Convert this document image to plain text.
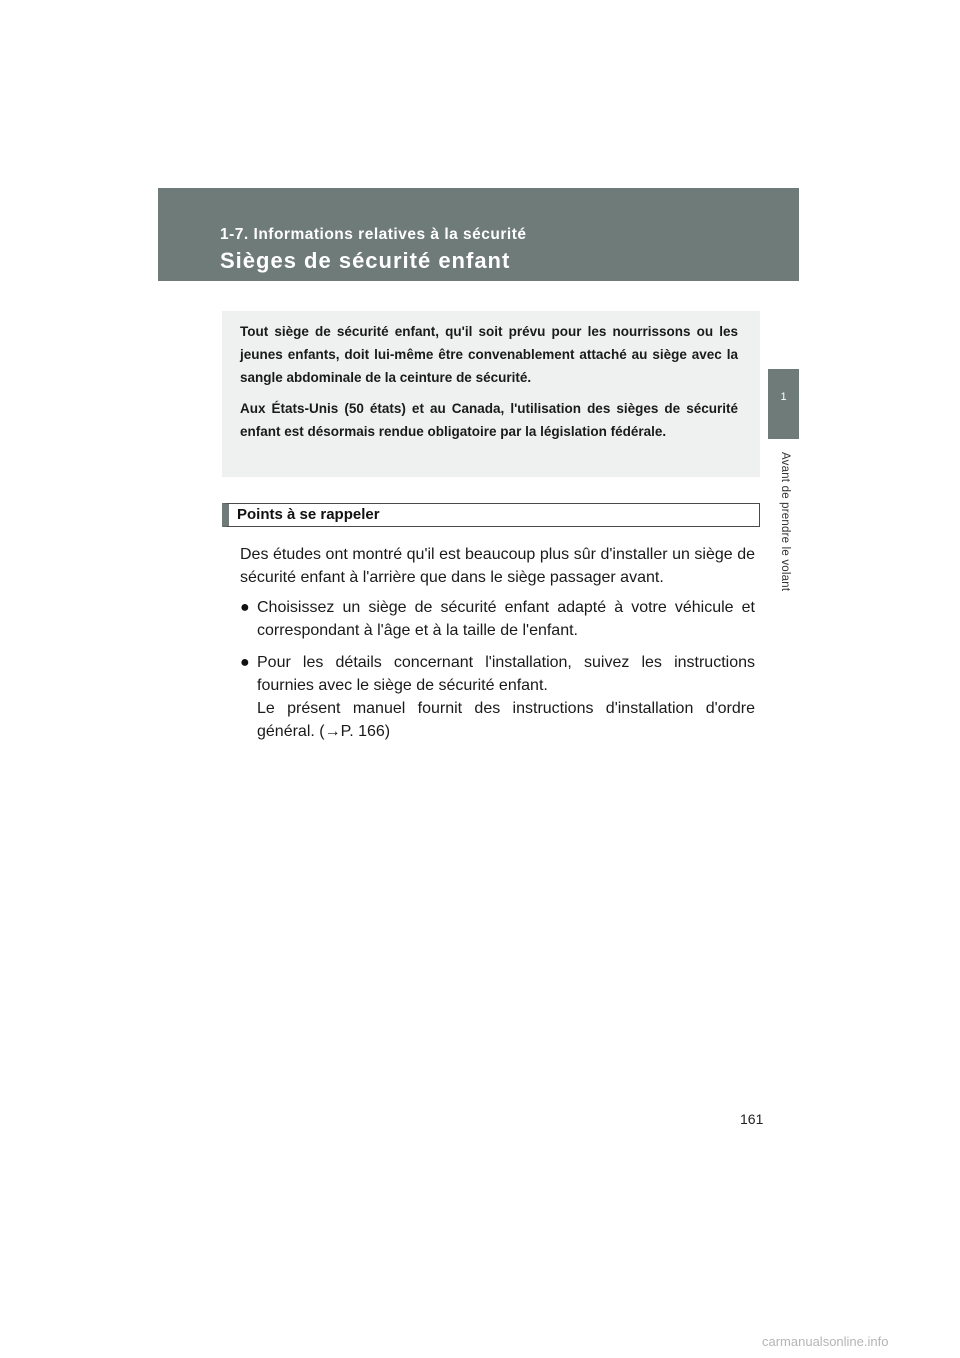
1-7. Informations relatives à la sécurité
Sièges de sécurité enfant
1
Avant de prendre le volant

Tout siège de sécurité enfant, qu'il soit prévu pour les nourrissons ou les jeunes enfants, doit lui-même être convenablement attaché au siège avec la sangle abdominale de la ceinture de sécurité.

Aux États-Unis (50 états) et au Canada, l'utilisation des sièges de sécurité enfant est désormais rendue obligatoire par la législation fédérale.

Points à se rappeler

Des études ont montré qu'il est beaucoup plus sûr d'installer un siège de sécurité enfant à l'arrière que dans le siège passager avant.

● Choisissez un siège de sécurité enfant adapté à votre véhicule et
correspondant à l'âge et à la taille de l'enfant.

● Pour les détails concernant l'installation, suivez les instructions
fournies avec le siège de sécurité enfant.
Le présent manuel fournit des instructions d'installation d'ordre
général. (→P. 166)

161
carmanualsonline.info
